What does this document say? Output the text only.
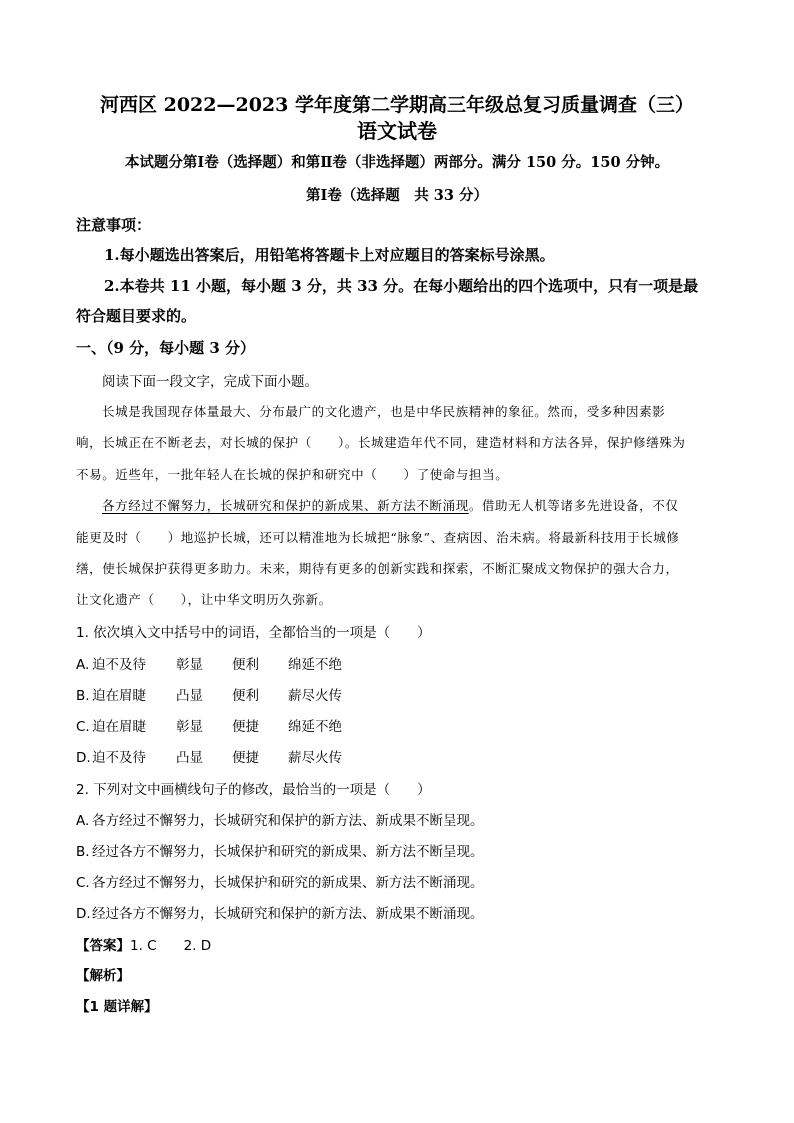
河西区 2022—2023 学年度第二学期高三年级总复习质量调查（三）
语文试卷
本试题分第Ⅰ卷（选择题）和第Ⅱ卷（非选择题）两部分。满分 150 分。150 分钟。
第Ⅰ卷（选择题　共 33 分）
注意事项：
1.每小题选出答案后，用铅笔将答题卡上对应题目的答案标号涂黑。
2.本卷共 11 小题，每小题 3 分，共 33 分。在每小题给出的四个选项中，只有一项是最
符合题目要求的。
一、（9 分，每小题 3 分）
阅读下面一段文字，完成下面小题。
长城是我国现存体量最大、分布最广的文化遗产，也是中华民族精神的象征。然而，受多种因素影
响，长城正在不断老去，对长城的保护（　　）。长城建造年代不同，建造材料和方法各异，保护修缮殊为
不易。近些年，一批年轻人在长城的保护和研究中（　　）了使命与担当。
各方经过不懈努力，长城研究和保护的新成果、新方法不断涌现。借助无人机等诸多先进设备，不仅
能更及时（　　）地巡护长城，还可以精准地为长城把“脉象”、查病因、治未病。将最新科技用于长城修
缮，使长城保护获得更多助力。未来，期待有更多的创新实践和探索，不断汇聚成文物保护的强大合力，
让文化遗产（　　），让中华文明历久弥新。
1. 依次填入文中括号中的词语，全都恰当的一项是（　　）
A. 迫不及待 彰显 便利 绵延不绝
B. 迫在眉睫 凸显 便利 薪尽火传
C. 迫在眉睫 彰显 便捷 绵延不绝
D.迫不及待 凸显 便捷 薪尽火传
2. 下列对文中画横线句子的修改，最恰当的一项是（　　）
A. 各方经过不懈努力，长城研究和保护的新方法、新成果不断呈现。
B. 经过各方不懈努力，长城保护和研究的新成果、新方法不断呈现。
C. 各方经过不懈努力，长城保护和研究的新成果、新方法不断涌现。
D.经过各方不懈努力，长城研究和保护的新方法、新成果不断涌现。
【答案】1. C　　2. D
【解析】
【1 题详解】
